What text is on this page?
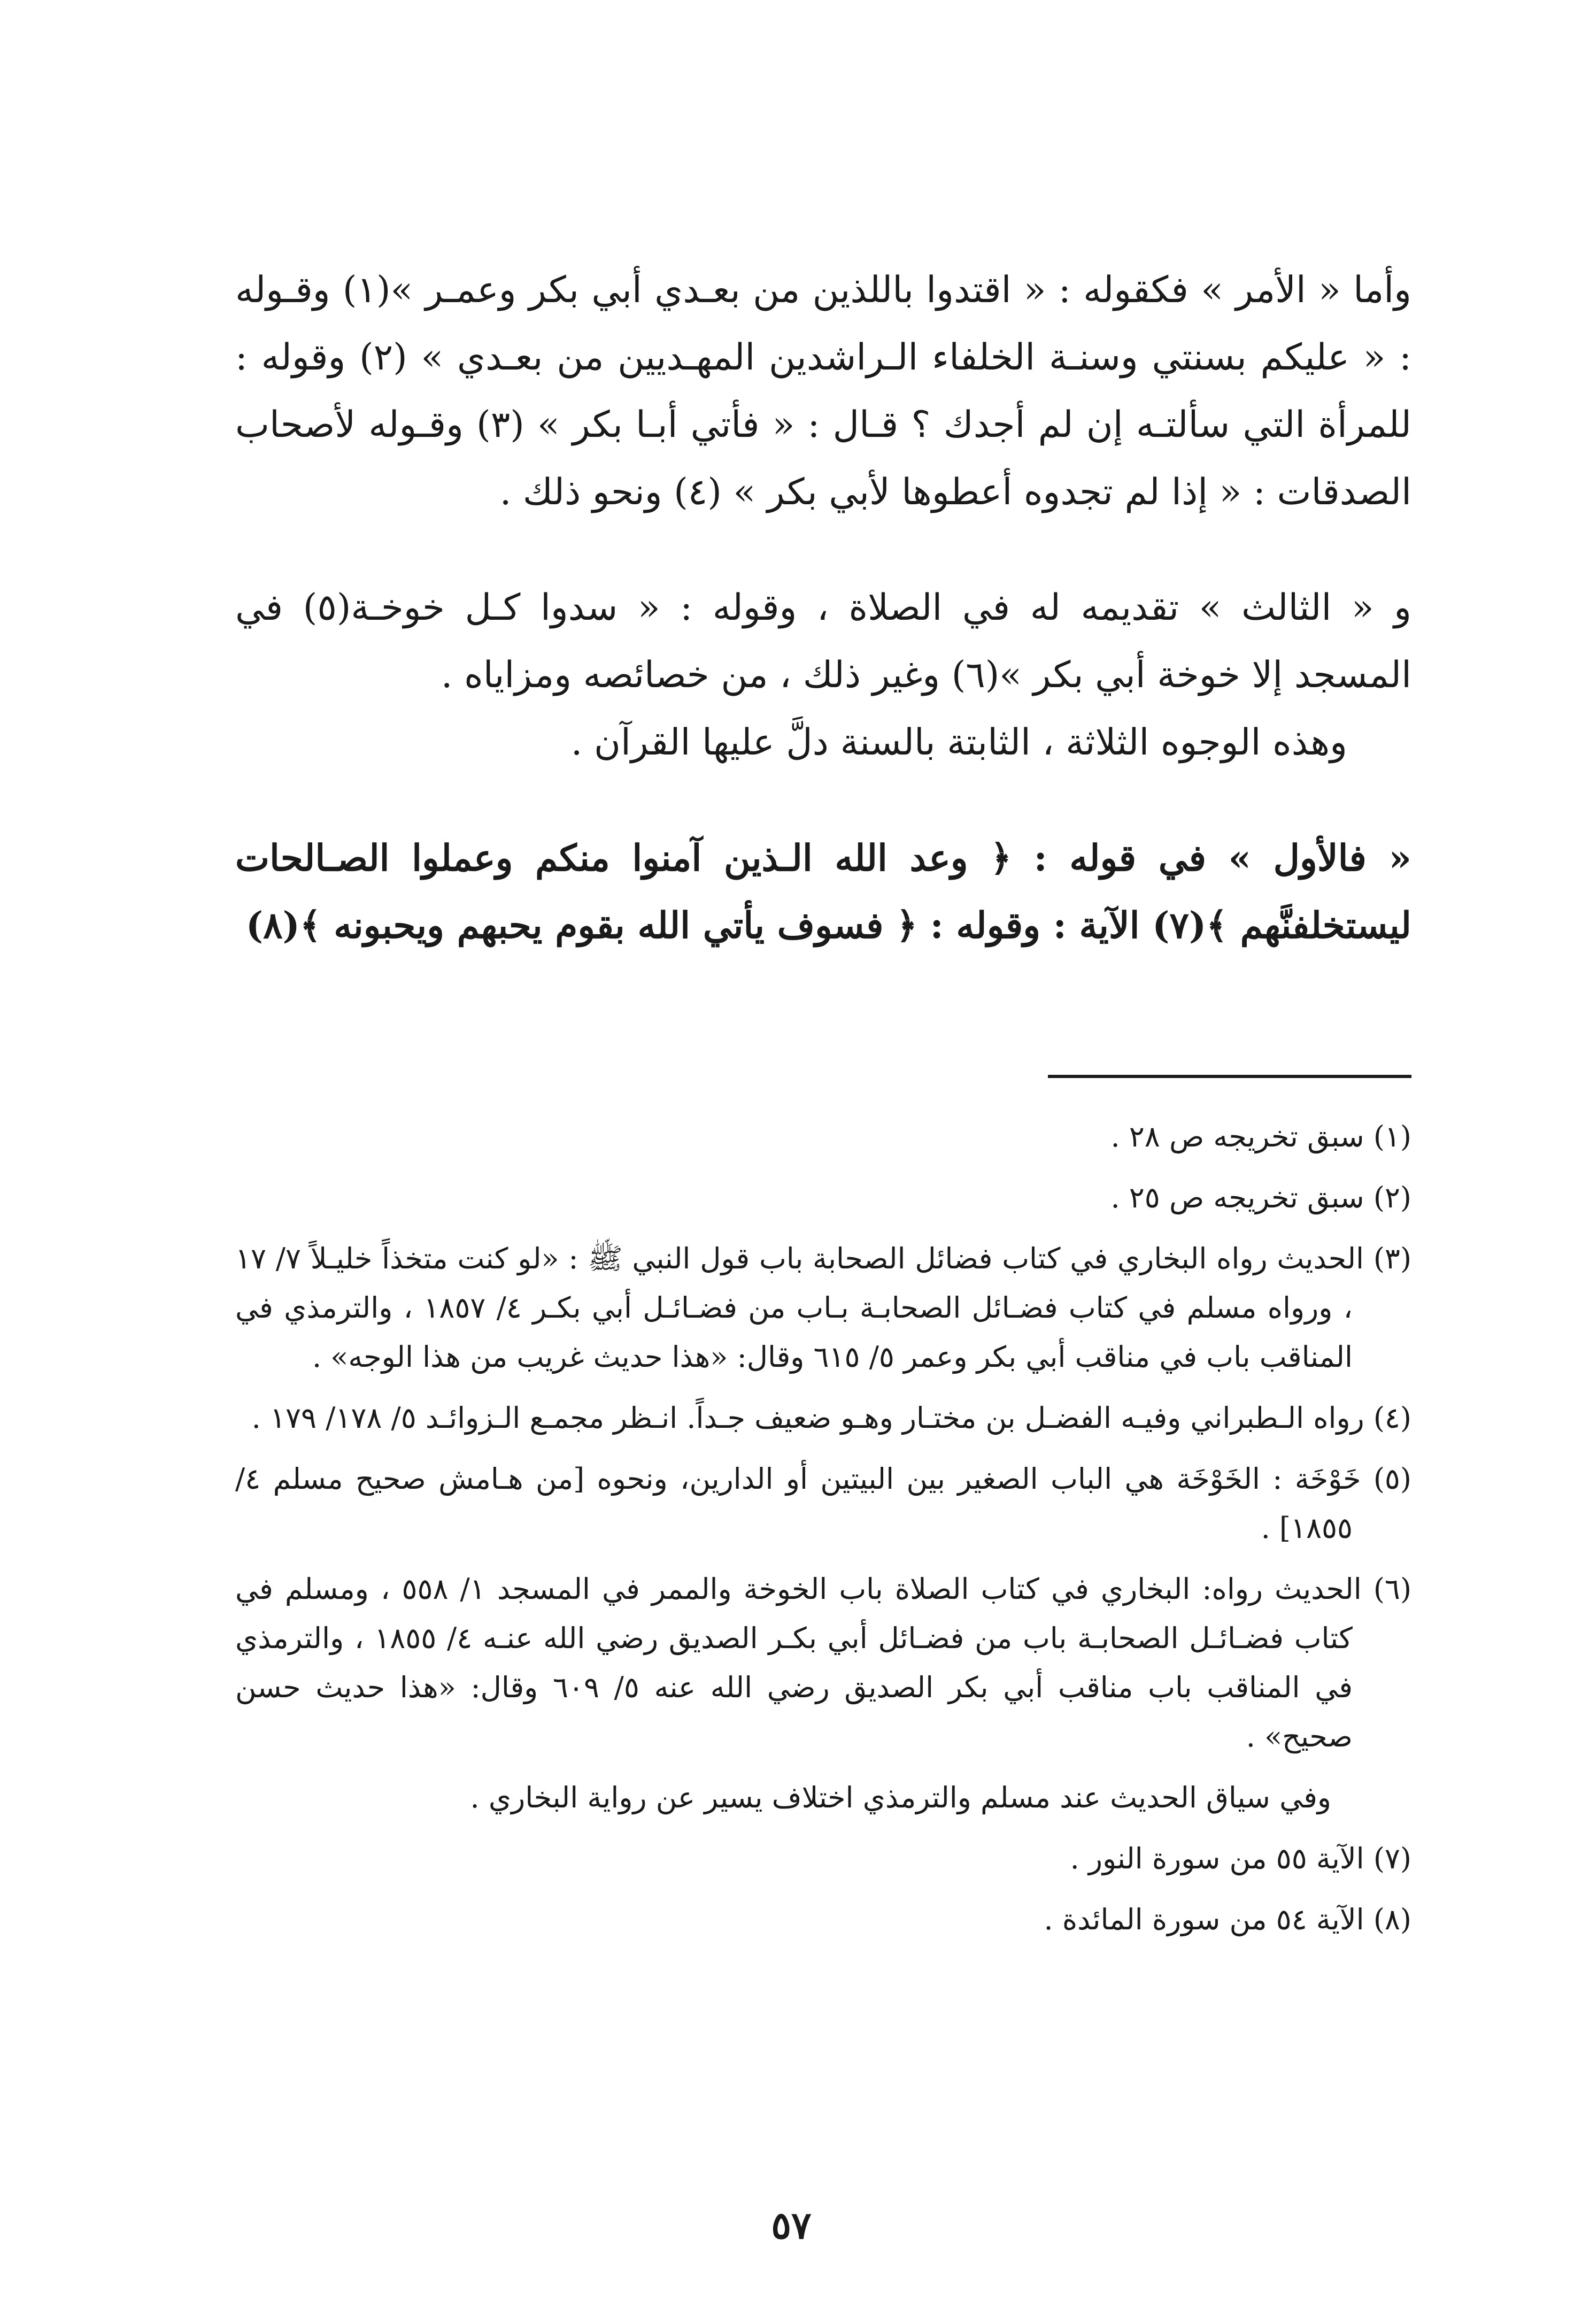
وأما « الأمر » فكقوله : « اقتدوا باللذين من بعـدي أبي بكر وعمـر »(١) وقـوله : « عليكم بسنتي وسنـة الخلفاء الـراشدين المهـديين من بعـدي » (٢) وقوله : للمرأة التي سألتـه إن لم أجدك ؟ قـال : « فأتي أبـا بكر » (٣) وقـوله لأصحاب الصدقات : « إذا لم تجدوه أعطوها لأبي بكر » (٤) ونحو ذلك .

و « الثالث » تقديمه له في الصلاة ، وقوله : « سدوا كـل خوخـة(٥) في المسجد إلا خوخة أبي بكر »(٦) وغير ذلك ، من خصائصه ومزاياه .

وهذه الوجوه الثلاثة ، الثابتة بالسنة دلَّ عليها القرآن .

« فالأول » في قوله : ﴿ وعد الله الـذين آمنوا منكم وعملوا الصـالحات ليستخلفنَّهم ﴾(٧) الآية : وقوله : ﴿ فسوف يأتي الله بقوم يحبهم ويحبونه ﴾(٨)

(١) سبق تخريجه ص ٢٨ .

(٢) سبق تخريجه ص ٢٥ .

(٣) الحديث رواه البخاري في كتاب فضائل الصحابة باب قول النبي ﷺ : «لو كنت متخذاً خليـلاً ٧/ ١٧ ، ورواه مسلم في كتاب فضـائل الصحابـة بـاب من فضـائـل أبي بكـر ٤/ ١٨٥٧ ، والترمذي في المناقب باب في مناقب أبي بكر وعمر ٥/ ٦١٥ وقال: «هذا حديث غريب من هذا الوجه» .

(٤) رواه الـطبراني وفيـه الفضـل بن مختـار وهـو ضعيف جـداً. انـظر مجمـع الـزوائـد ٥/ ١٧٨/ ١٧٩ .

(٥) خَوْخَة : الخَوْخَة هي الباب الصغير بين البيتين أو الدارين، ونحوه [من هـامش صحيح مسلم ٤/ ١٨٥٥] .

(٦) الحديث رواه: البخاري في كتاب الصلاة باب الخوخة والممر في المسجد ١/ ٥٥٨ ، ومسلم في كتاب فضـائـل الصحابـة باب من فضـائل أبي بكـر الصديق رضي الله عنـه ٤/ ١٨٥٥ ، والترمذي في المناقب باب مناقب أبي بكر الصديق رضي الله عنه ٥/ ٦٠٩ وقال: «هذا حديث حسن صحيح» .

وفي سياق الحديث عند مسلم والترمذي اختلاف يسير عن رواية البخاري .

(٧) الآية ٥٥ من سورة النور .

(٨) الآية ٥٤ من سورة المائدة .

٥٧
